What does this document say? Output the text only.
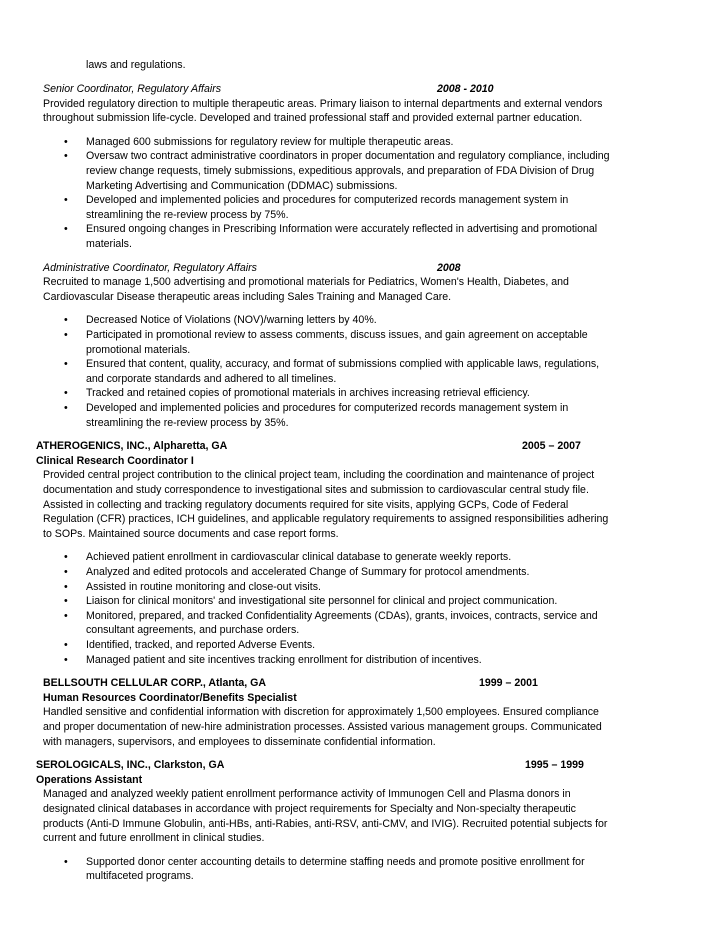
laws and regulations.
Senior Coordinator, Regulatory Affairs	2008 - 2010
Provided regulatory direction to multiple therapeutic areas. Primary liaison to internal departments and external vendors
throughout submission life-cycle. Developed and trained professional staff and provided external partner education.
• Managed 600 submissions for regulatory review for multiple therapeutic areas.
• Oversaw two contract administrative coordinators in proper documentation and regulatory compliance, including
review change requests, timely submissions, expeditious approvals, and preparation of FDA Division of Drug
Marketing Advertising and Communication (DDMAC) submissions.
• Developed and implemented policies and procedures for computerized records management system in
streamlining the re-review process by 75%.
• Ensured ongoing changes in Prescribing Information were accurately reflected in advertising and promotional
materials.
Administrative Coordinator, Regulatory Affairs	2008
Recruited to manage 1,500 advertising and promotional materials for Pediatrics, Women's Health, Diabetes, and
Cardiovascular Disease therapeutic areas including Sales Training and Managed Care.
• Decreased Notice of Violations (NOV)/warning letters by 40%.
• Participated in promotional review to assess comments, discuss issues, and gain agreement on acceptable
promotional materials.
• Ensured that content, quality, accuracy, and format of submissions complied with applicable laws, regulations,
and corporate standards and adhered to all timelines.
• Tracked and retained copies of promotional materials in archives increasing retrieval efficiency.
• Developed and implemented policies and procedures for computerized records management system in
streamlining the re-review process by 35%.
ATHEROGENICS, INC., Alpharetta, GA	2005 – 2007
Clinical Research Coordinator I
Provided central project contribution to the clinical project team, including the coordination and maintenance of project
documentation and study correspondence to investigational sites and submission to cardiovascular central study file.
Assisted in collecting and tracking regulatory documents required for site visits, applying GCPs, Code of Federal
Regulation (CFR) practices, ICH guidelines, and applicable regulatory requirements to assigned responsibilities adhering
to SOPs. Maintained source documents and case report forms.
• Achieved patient enrollment in cardiovascular clinical database to generate weekly reports.
• Analyzed and edited protocols and accelerated Change of Summary for protocol amendments.
• Assisted in routine monitoring and close-out visits.
• Liaison for clinical monitors' and investigational site personnel for clinical and project communication.
• Monitored, prepared, and tracked Confidentiality Agreements (CDAs), grants, invoices, contracts, service and
consultant agreements, and purchase orders.
• Identified, tracked, and reported Adverse Events.
• Managed patient and site incentives tracking enrollment for distribution of incentives.
BELLSOUTH CELLULAR CORP., Atlanta, GA	1999 – 2001
Human Resources Coordinator/Benefits Specialist
Handled sensitive and confidential information with discretion for approximately 1,500 employees. Ensured compliance
and proper documentation of new-hire administration processes. Assisted various management groups. Communicated
with managers, supervisors, and employees to disseminate confidential information.
SEROLOGICALS, INC., Clarkston, GA	1995 – 1999
Operations Assistant
Managed and analyzed weekly patient enrollment performance activity of Immunogen Cell and Plasma donors in
designated clinical databases in accordance with project requirements for Specialty and Non-specialty therapeutic
products (Anti-D Immune Globulin, anti-HBs, anti-Rabies, anti-RSV, anti-CMV, and IVIG). Recruited potential subjects for
current and future enrollment in clinical studies.
• Supported donor center accounting details to determine staffing needs and promote positive enrollment for
multifaceted programs.
